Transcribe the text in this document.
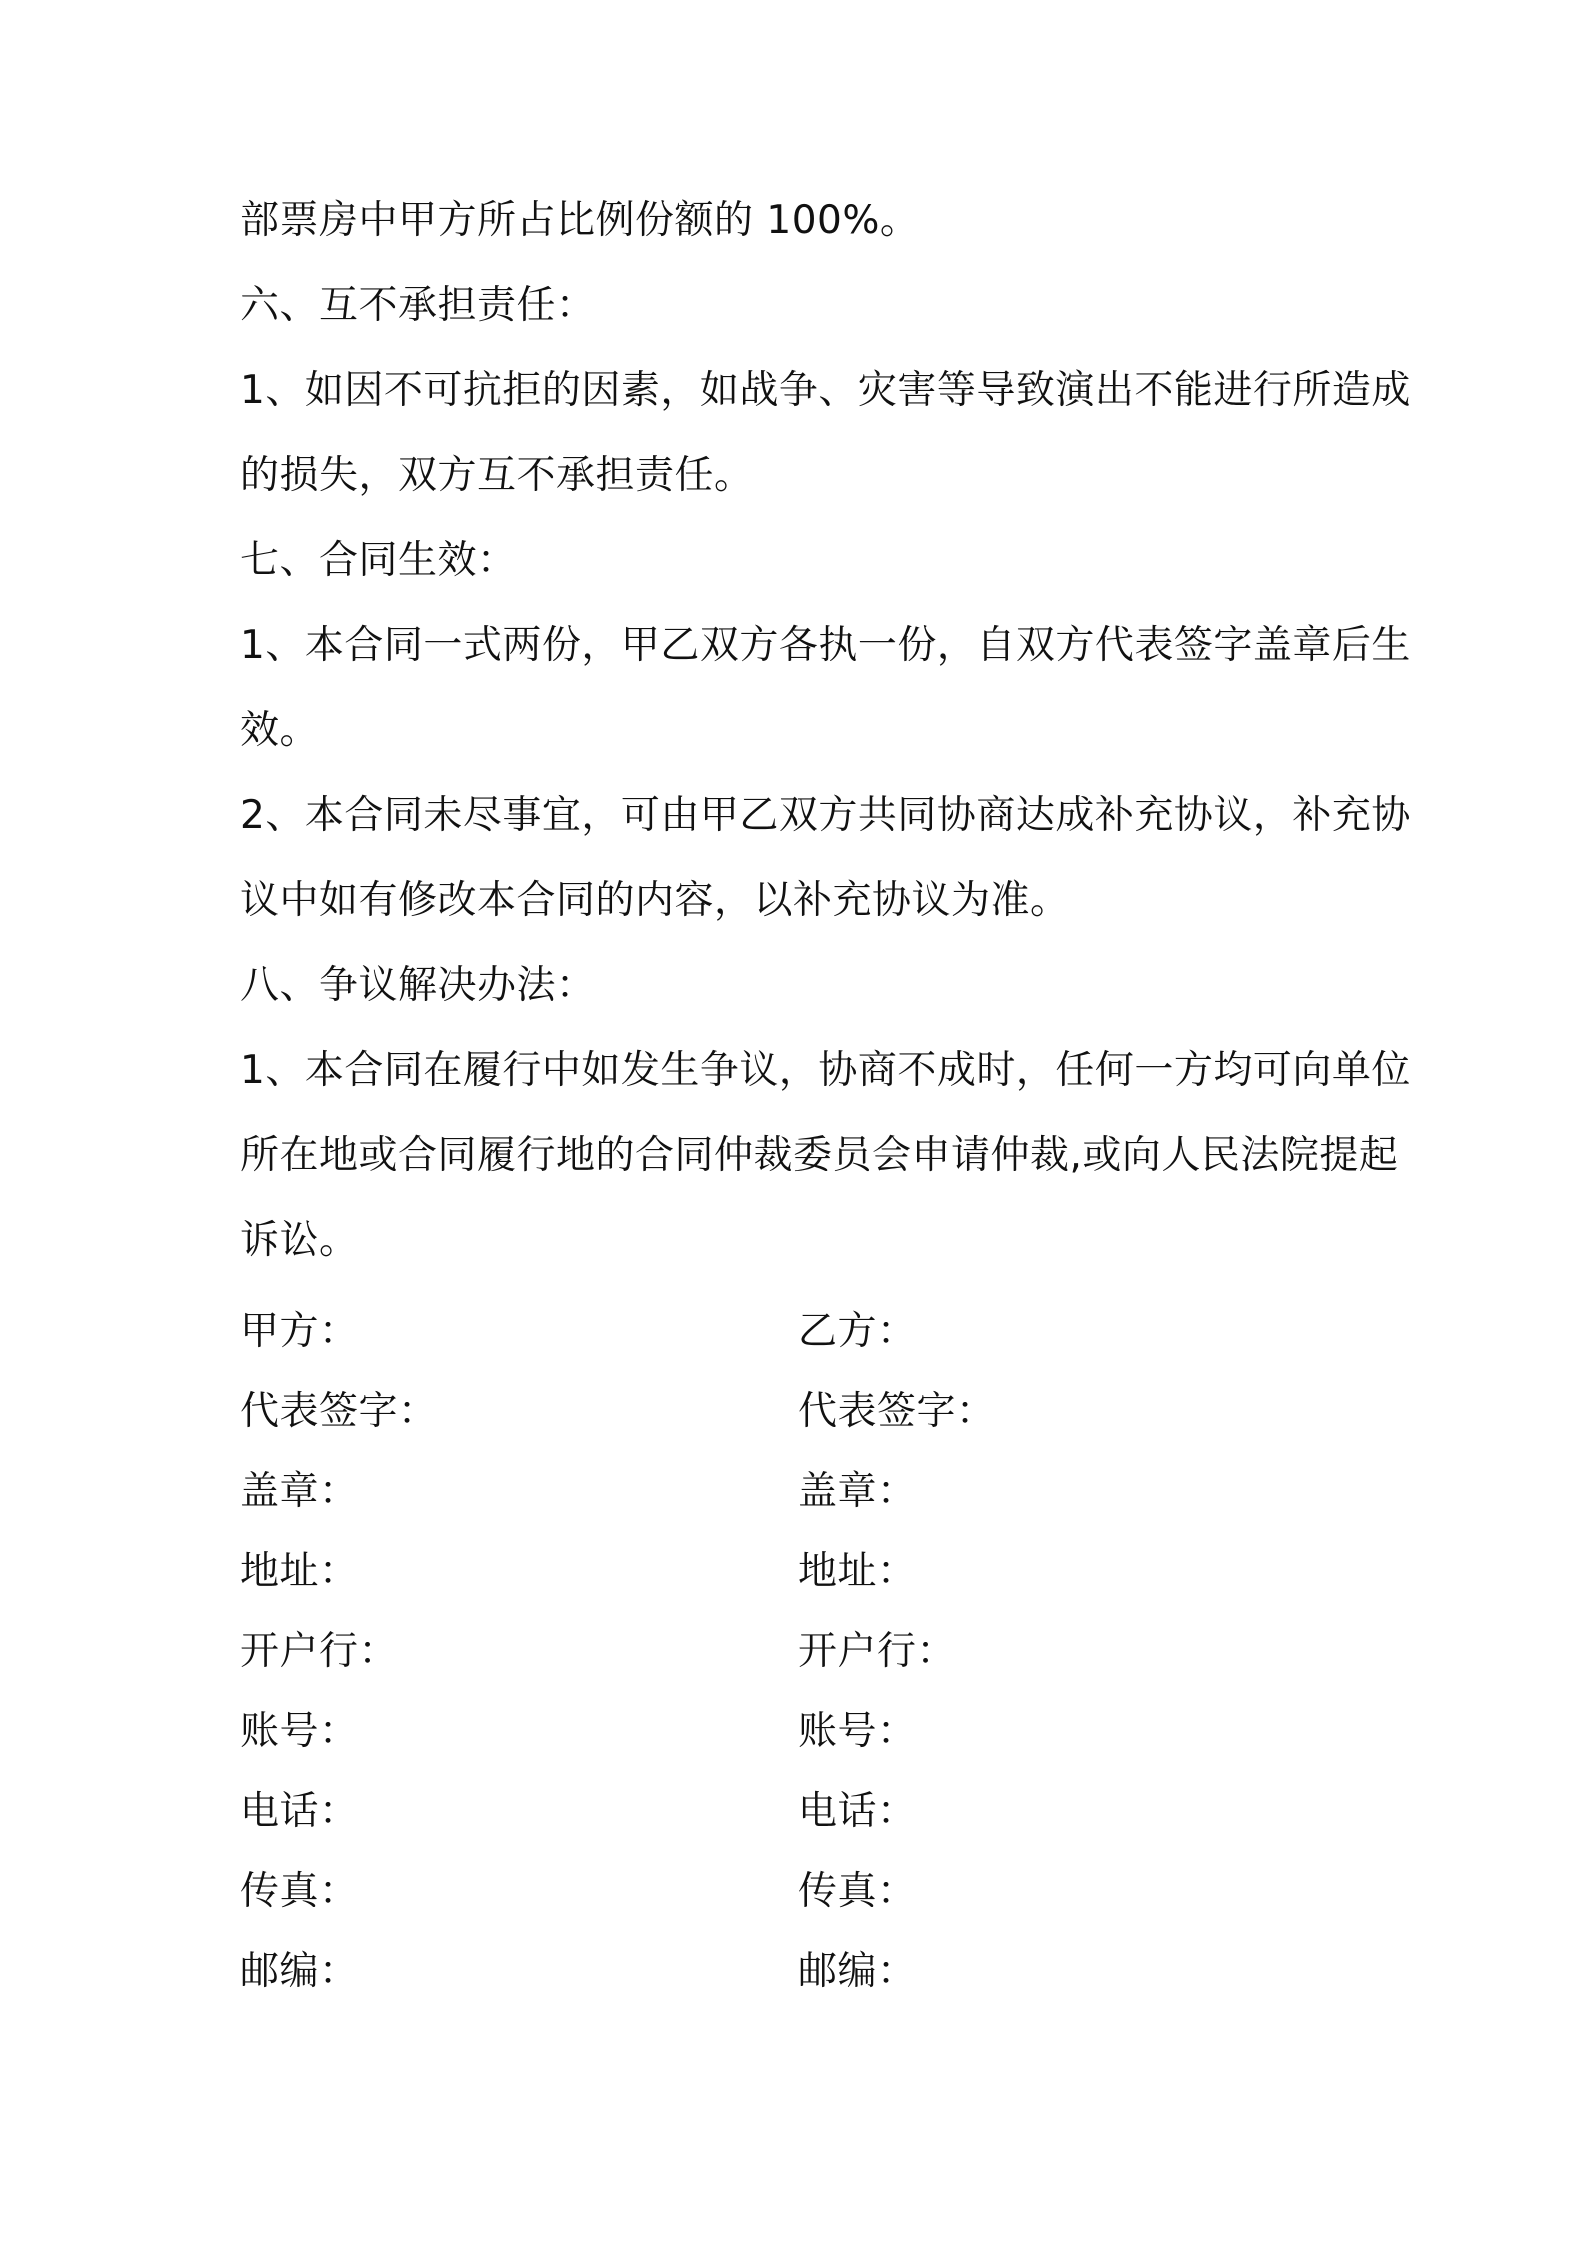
部票房中甲方所占比例份额的 100%。
六、互不承担责任：
1、如因不可抗拒的因素，如战争、灾害等导致演出不能进行所造成
的损失，双方互不承担责任。
七、合同生效：
1、本合同一式两份，甲乙双方各执一份，自双方代表签字盖章后生
效。
2、本合同未尽事宜，可由甲乙双方共同协商达成补充协议，补充协
议中如有修改本合同的内容，以补充协议为准。
八、争议解决办法：
1、本合同在履行中如发生争议，协商不成时，任何一方均可向单位
所在地或合同履行地的合同仲裁委员会申请仲裁,或向人民法院提起
诉讼。
甲方：	乙方：
代表签字：	代表签字：
盖章：	盖章：
地址：	地址：
开户行：	开户行：
账号：	账号：
电话：	电话：
传真：	传真：
邮编：	邮编：
